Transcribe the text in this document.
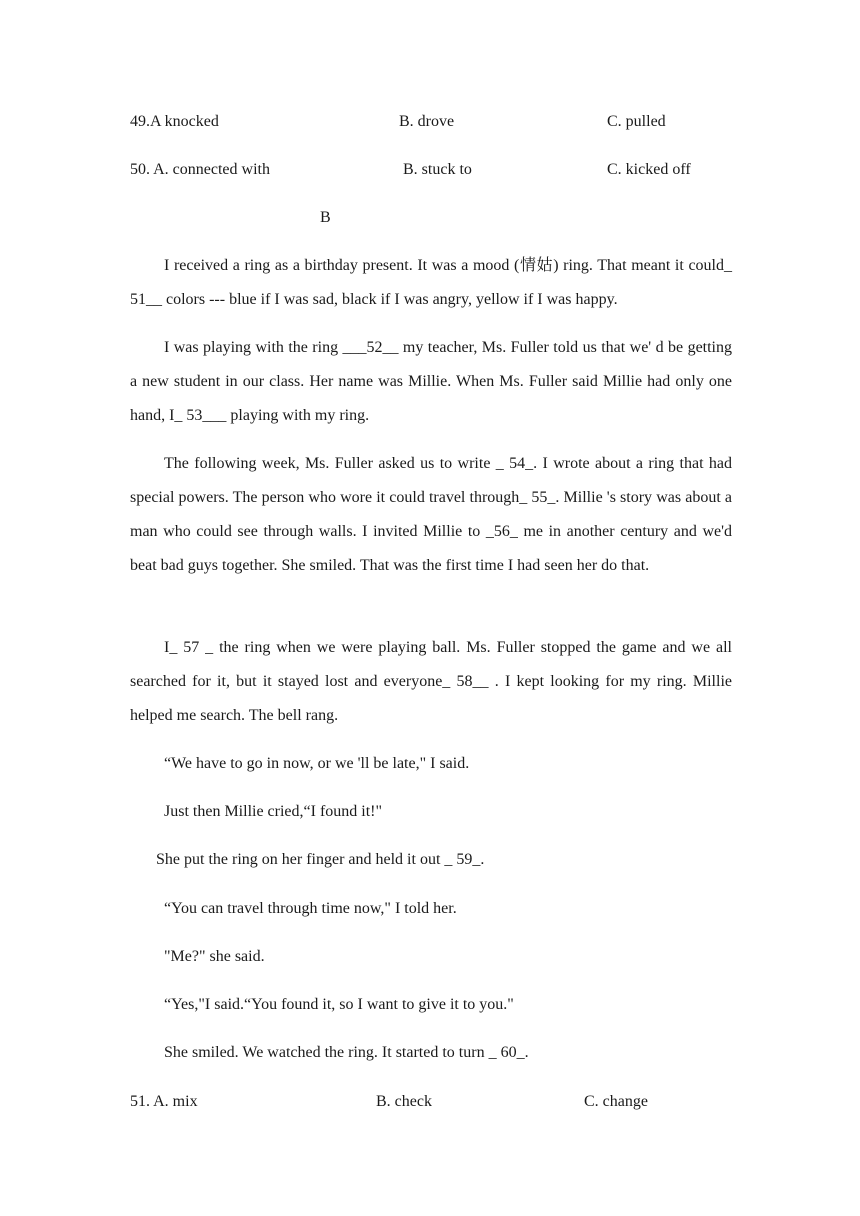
49.A knocked	B. drove	C. pulled
50. A. connected with	B. stuck to	C. kicked off
B
I received a ring as a birthday present. It was a mood (情姑) ring. That meant it could_ 51__ colors --- blue if I was sad, black if I was angry, yellow if I was happy.
I was playing with the ring ___52__ my teacher, Ms. Fuller told us that we' d be getting a new student in our class. Her name was Millie. When Ms. Fuller said Millie had only one hand, I_ 53___ playing with my ring.
The following week, Ms. Fuller asked us to write _ 54_. I wrote about a ring that had special powers. The person who wore it could travel through_ 55_. Millie 's story was about a man who could see through walls. I invited Millie to _56_ me in another century and we'd beat bad guys together. She smiled. That was the first time I had seen her do that.
I_ 57 _ the ring when we were playing ball. Ms. Fuller stopped the game and we all searched for it, but it stayed lost and everyone_ 58__ . I kept looking for my ring. Millie helped me search. The bell rang.
“We have to go in now, or we 'll be late," I said.
Just then Millie cried,“I found it!"
She put the ring on her finger and held it out _ 59_.
“You can travel through time now," I told her.
"Me?" she said.
“Yes,"I said.“You found it, so I want to give it to you."
She smiled. We watched the ring. It started to turn _ 60_.
51. A. mix	B. check	C. change
